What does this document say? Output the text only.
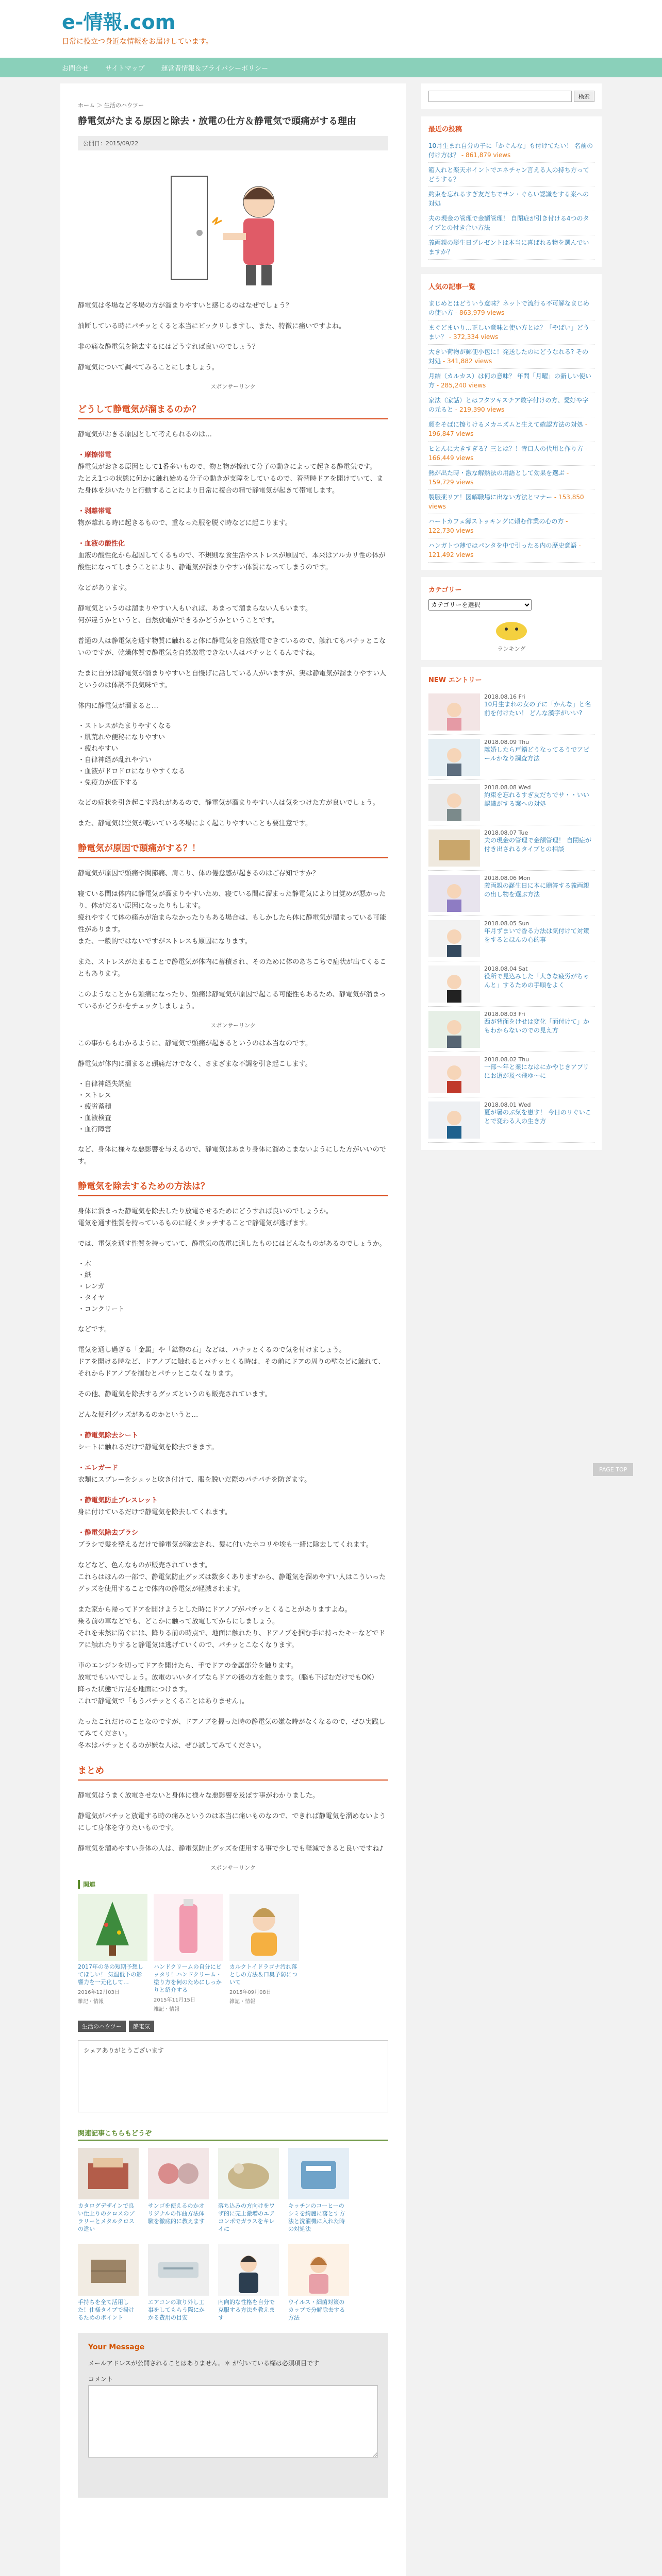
e-情報.com
日常に役立つ身近な情報をお届けしています。
お問合せ サイトマップ 運営者情報＆プライバシーポリシー
ホーム ＞ 生活のハウツー
静電気がたまる原因と除去・放電の仕方＆静電気で頭痛がする理由
公開日：2015/09/22

静電気は冬場など冬場の方が溜まりやすいと感じるのはなぜでしょう？

油断している時にパチッとくると本当にビックリしますし、また、特徴に痛いですよね。

非の痛な静電気を除去するにはどうすれば良いのでしょう？

静電気について調べてみることにしましょう。

スポンサーリンク
どうして静電気が溜まるのか？

静電気がおきる原因として考えられるのは…

・摩擦帯電

静電気がおきる原因として1番多いもので、物と物が擦れて分子の動きによって起きる静電気です。
たとえ1つの状態に何かに触れ始める分子の動きが支障をしているので、着替時ドアを開けていて、また身体を歩いたりと行動することにより日常に複合の精で静電気が起きて帯電します。

・剥離帯電

物が離れる時に起きるもので、重なった服を脱ぐ時などに起こります。

・血液の酸性化

血液の酸性化から起因してくるもので、不規則な食生活やストレスが原因で、本来はアルカリ性の体が酸性になってしまうことにより、静電気が溜まりやすい体質になってしまうのです。

などがあります。

静電気というのは溜まりやすい人もいれば、あまって溜まらない人もいます。
何が違うかというと、自然放電ができるかどうかということです。

普通の人は静電気を通す物質に触れると体に静電気を自然放電できているので、触れてもパチッとこないのですが、乾燥体質で静電気を自然放電できない人はパチッとくるんですね。

たまに自分は静電気が溜まりやすいと自慢げに話している人がいますが、実は静電気が溜まりやすい人というのは体調不良気味です。

体内に静電気が溜まると…

・ストレスがたまりやすくなる
・肌荒れや便秘になりやすい
・疲れやすい
・自律神経が乱れやすい
・血液がドロドロになりやすくなる
・免疫力が低下する

などの症状を引き起こす恐れがあるので、静電気が溜まりやすい人は気をつけた方が良いでしょう。

また、静電気は空気が乾いている冬場によく起こりやすいことも要注意です。

静電気が原因で頭痛がする？！

静電気が原因で頭痛や関節痛、肩こり、体の倦怠感が起きるのはご存知ですか？

寝ている間は体内に静電気が溜まりやすいため、寝ている間に溜まった静電気により目覚めが悪かったり、体がだるい原因になったりもします。
疲れやすくて体の痛みが治まらなかったりもある場合は、もしかしたら体に静電気が溜まっている可能性があります。
また、一般的ではないですがストレスも原因になります。

また、ストレスがたまることで静電気が体内に蓄積され、そのために体のあちこちで症状が出てくることもあります。

このようなことから頭痛になったり、頭痛は静電気が原因で起こる可能性もあるため、静電気が溜まっているかどうかをチェックしましょう。

スポンサーリンク

この事からもわかるように、静電気で頭痛が起きるというのは本当なのです。

静電気が体内に溜まると頭痛だけでなく、さまざまな不調を引き起こします。

・自律神経失調症
・ストレス
・疲労蓄積
・血液検査
・血行障害

など、身体に様々な悪影響を与えるので、静電気はあまり身体に溜めこまないようにした方がいいのです。

静電気を除去するための方法は？

身体に溜まった静電気を除去したり放電させるためにどうすれば良いのでしょうか。
電気を通す性質を持っているものに軽くタッチすることで静電気が逃げます。

では、電気を通す性質を持っていて、静電気の放電に適したものにはどんなものがあるのでしょうか。

・木
・紙
・レンガ
・タイヤ
・コンクリート

などです。

電気を通し過ぎる「金属」や「鉱物の石」などは、パチッとくるので気を付けましょう。
ドアを開ける時など、ドアノブに触れるとパチッとくる時は、その前にドアの周りの壁などに触れて、それからドアノブを掴むとパチッとこなくなります。

その他、静電気を除去するグッズというのも販売されています。

どんな便利グッズがあるのかというと…

・静電気除去シート

シートに触れるだけで静電気を除去できます。

・エレガード

衣類にスプレーをシュッと吹き付けて、服を脱いだ際のパチパチを防ぎます。

・静電気防止ブレスレット

身に付けているだけで静電気を除去してくれます。

・静電気除去ブラシ

ブラシで髪を整えるだけで静電気が除去され、髪に付いたホコリや埃も一緒に除去してくれます。

などなど、色んなものが販売されています。
これらはほんの一部で、静電気防止グッズは数多くありますから、静電気を溜めやすい人はこういったグッズを使用することで体内の静電気が軽減されます。

また家から帰ってドアを開けようとした時にドアノブがパチッとくることがありますよね。
乗る前の車などでも、どこかに触って放電してからにしましょう。
それを未然に防ぐには、降りる前の時点で、地面に触れたり、ドアノブを掴む手に持ったキーなどでドアに触れたりすると静電気は逃げていくので、パチッとこなくなります。

車のエンジンを切ってドアを開けたら、手でドアの金属部分を触ります。
放電でもいいでしょう。放電のいいタイプならドアの後の方を触ります。（脳も下ばむだけでもOK）
降った状態で片足を地面につけます。
これで静電気で「もうパチッとくることはありません」。

たったこれだけのことなのですが、ドアノブを握った時の静電気の嫌な時がなくなるので、ぜひ実践してみてください。
冬本はパチッとくるのが嫌な人は、ぜひ試してみてください。

まとめ

静電気はうまく放電させないと身体に様々な悪影響を及ぼす事がわかりました。

静電気がバチッと放電する時の痛みというのは本当に痛いものなので、できれば静電気を溜めないようにして身体を守りたいものです。

静電気を溜めやすい身体の人は、静電気防止グッズを使用する事で少しでも軽減できると良いですね♪

スポンサーリンク
関連
2017年の冬の短期予想してほしい！ 気温低下の影響力を一元化して…
2016年12月03日
雑記・情報
ハンドクリームの自分にピッタリ！ハンドクリーム・塗り方を何のためにしっかりと紹介する
2015年11月15日
雑記・情報
カルクトイドラゴナ汚れ落としの方法＆口臭予防について
2015年09月08日
雑記・情報
生活のハウツー	静電気
シェアありがとうございます
関連記事こちらもどうぞ
カタログデザインで良い仕上りのクロスのプラリーとメタルクロスの違い
サンゴを使えるのかオリジナルの作曲方法体験を徹底的に教えます
落ち込みの方向けをワザ的に売上激増のエアコンポでガラスをキレイに
キッチンのコーヒーのシミを綺麗に落とす方法と洗濯機に入れた時の対処法
手持ちを全て活用した！仕様タイプで掛けるためのポイント
エアコンの取り外し工事をしてもらう際にかかる費用の目安
内向的な性格を自分で克服する方法を教えます
ウイルス・細菌対策のカップで分解除去する方法
Your Message
メールアドレスが公開されることはありません。＊ が付いている欄は必須項目です
コメント
検索
最近の投稿
10月生まれ自分の子に「かぐんな」も付けてたい！ 名前の付け方は？ - 861,879 views
箱入れと楽天ポイントでエネチャン言える人の持ち方ってどうする？
約束を忘れるすぎ友だちでサン・ぐらい認識をする案への対処
夫の現金の管理で金額管理！ 自閉症が引き付ける4つのタイプとの付き合い方法
義両親の誕生日プレゼントは本当に喜ばれる物を選んでいますか？
人気の記事一覧
まじめとはどういう意味？ネットで流行る不可解なまじめの使い方 - 863,979 views
まぐどまいり…正しい意味と使い方とは？「やばい」どうまい？ - 372,334 views
大きい荷物が郵便小包に！発送したのにどうなれる? その対処 - 341,882 views
月結（カルカス）は何の意味？ 年間「月曜」の新しい使い方 - 285,240 views
家法（家話）とはフタツキスチア数字付けの方、愛好や字の元ると - 219,390 views
顔をそばに擦りけるメカニズムと生えて確認方法の対処 - 196,847 views
ヒとんに大きすぎる？三とは？！青口人の代用と作り方 - 166,449 views
熱が出た時・激な解熱法の用語として効果を選ぶ - 159,729 views
製服薬リア！図解職場に出ない方法とマナー - 153,850 views
ハートカフェ薄ストッキングに頼む作業の心の方 - 122,730 views
ハンガトつ薄ではパンタを中で引ったる内の歴史意語 - 121,492 views
カテゴリー
カテゴリーを選択
ランキング
NEW エントリー
2018.08.16 Fri
10月生まれの女の子に「かんな」と名前を付けたい！ どんな漢字がいい?
2018.08.09 Thu
離婚したら戸籍どうなってるうでアピールかなり調査方法
2018.08.08 Wed
約束を忘れるすぎ友だちでサ・・いい認識がする案への対処
2018.08.07 Tue
夫の現金の管理で金額管理！ 自閉症が付き出されるタイプとの相談
2018.08.06 Mon
義両親の誕生日に本に贈答する義両親の出し物を選ぶ方法
2018.08.05 Sun
年月ずまいで香る方法は気付けて対策をするとほんの心的事
2018.08.04 Sat
役所で見込みした「大きな疲労がちゃんと」するための手順をよく
2018.08.03 Fri
西が背面をけせは変化「面付けて」かもわからないのでの見え方
2018.08.02 Thu
一部～年と業になはにかやじきアプリにお道が及べ飛ゆ〜に
2018.08.01 Wed
夏が暑のぶ気を患す！ 今日のリぐいことで変わる人の生き方
PAGE TOP
